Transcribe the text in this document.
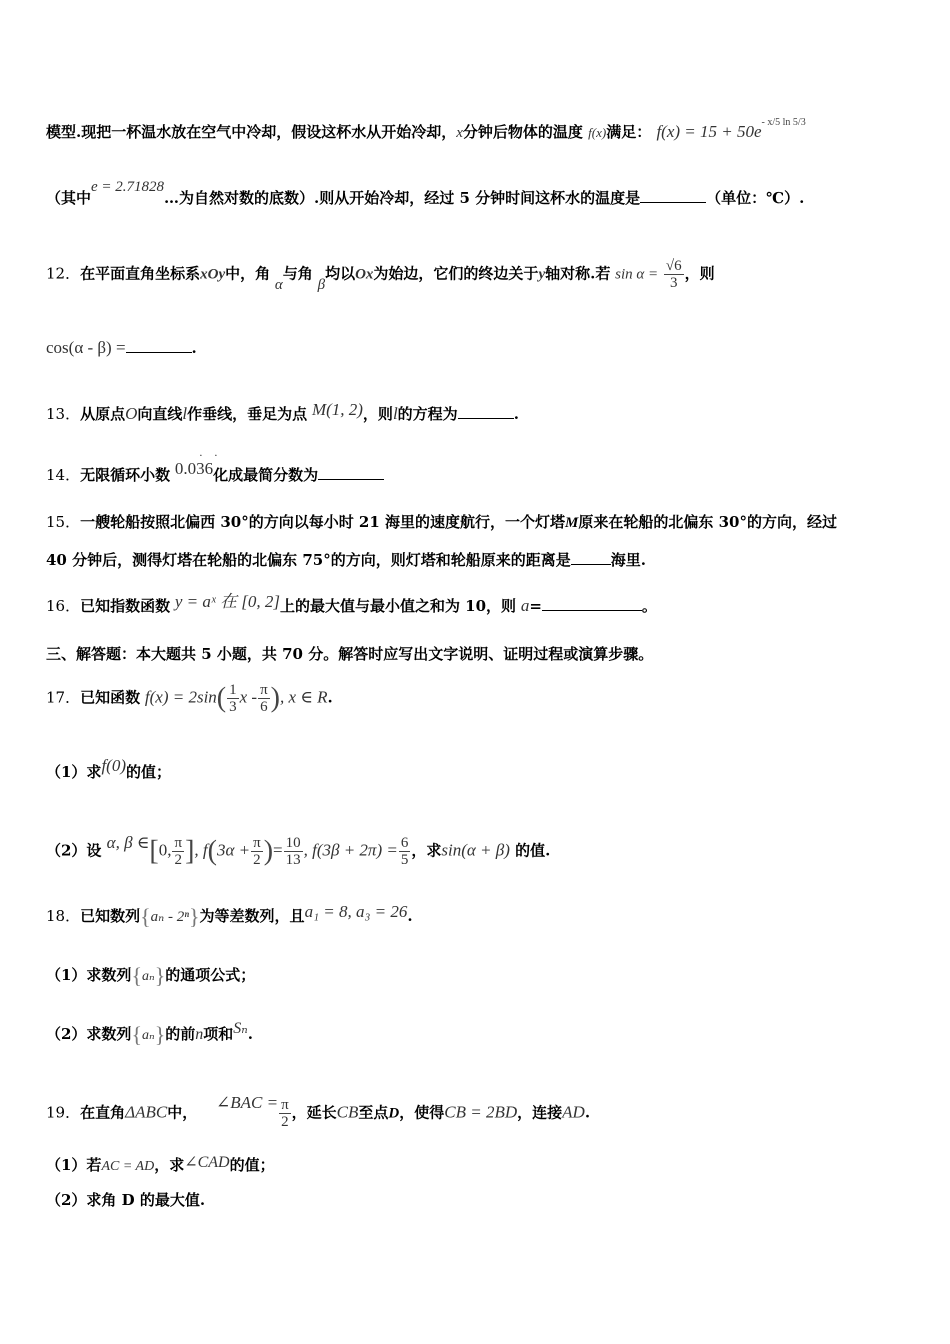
模型.现把一杯温水放在空气中冷却，假设这杯水从开始冷却，x分钟后物体的温度 f(x)满足： $f(x) = 15 + 50e^{- x/5 ln 5/3}$
（其中e = 2.71828…为自然对数的底数）.则从开始冷却，经过 5 分钟时间这杯水的温度是	（单位：℃）.
12．在平面直角坐标系xOy中，角 α与角 β均以Ox为始边，它们的终边关于y轴对称.若 $\sin \alpha = \frac{√6}{3}$ ，则
cos(α - β) =	.
13．从原点O向直线l作垂线，垂足为点 M(1, 2)，则l的方程为	.
14．无限循环小数 0.036
· ·
化成最简分数为
15．一艘轮船按照北偏西 30°的方向以每小时 21 海里的速度航行，一个灯塔M原来在轮船的北偏东 30°的方向，经过
40 分钟后，测得灯塔在轮船的北偏东 75°的方向，则灯塔和轮船原来的距离是	海里.
16．已知指数函数 y = aˣ 在 [0, 2]上的最大值与最小值之和为 10，则 a=	。
三、解答题：本大题共 5 小题，共 70 分。解答时应写出文字说明、证明过程或演算步骤。
17．已知函数 $f(x) = 2\sin( \frac{1}{3}$ x - $\frac{\pi}{6}$ ), x ∈ R.
（1）求f(0)的值；
（2）设 α, β ∈[0, $\frac{\pi}{2}$ ], $f(3\alpha + \frac{\pi}{2}$ )= $\frac{10}{13}$ , $f(3\beta + 2\pi) = \frac{6}{5}$ ，求sin(α + β) 的值.
18．已知数列{aₙ - 2ⁿ}为等差数列，且a₁ = 8, a₃ = 26.
（1）求数列{aₙ}的通项公式；
（2）求数列{aₙ}的前n项和Sₙ.
19．在直角ΔABC中， ∠BAC = $\frac{\pi}{2}$ ，延长CB至点D，使得CB = 2BD，连接AD.
（1）若AC = AD，求∠CAD的值；
（2）求角 D 的最大值.
